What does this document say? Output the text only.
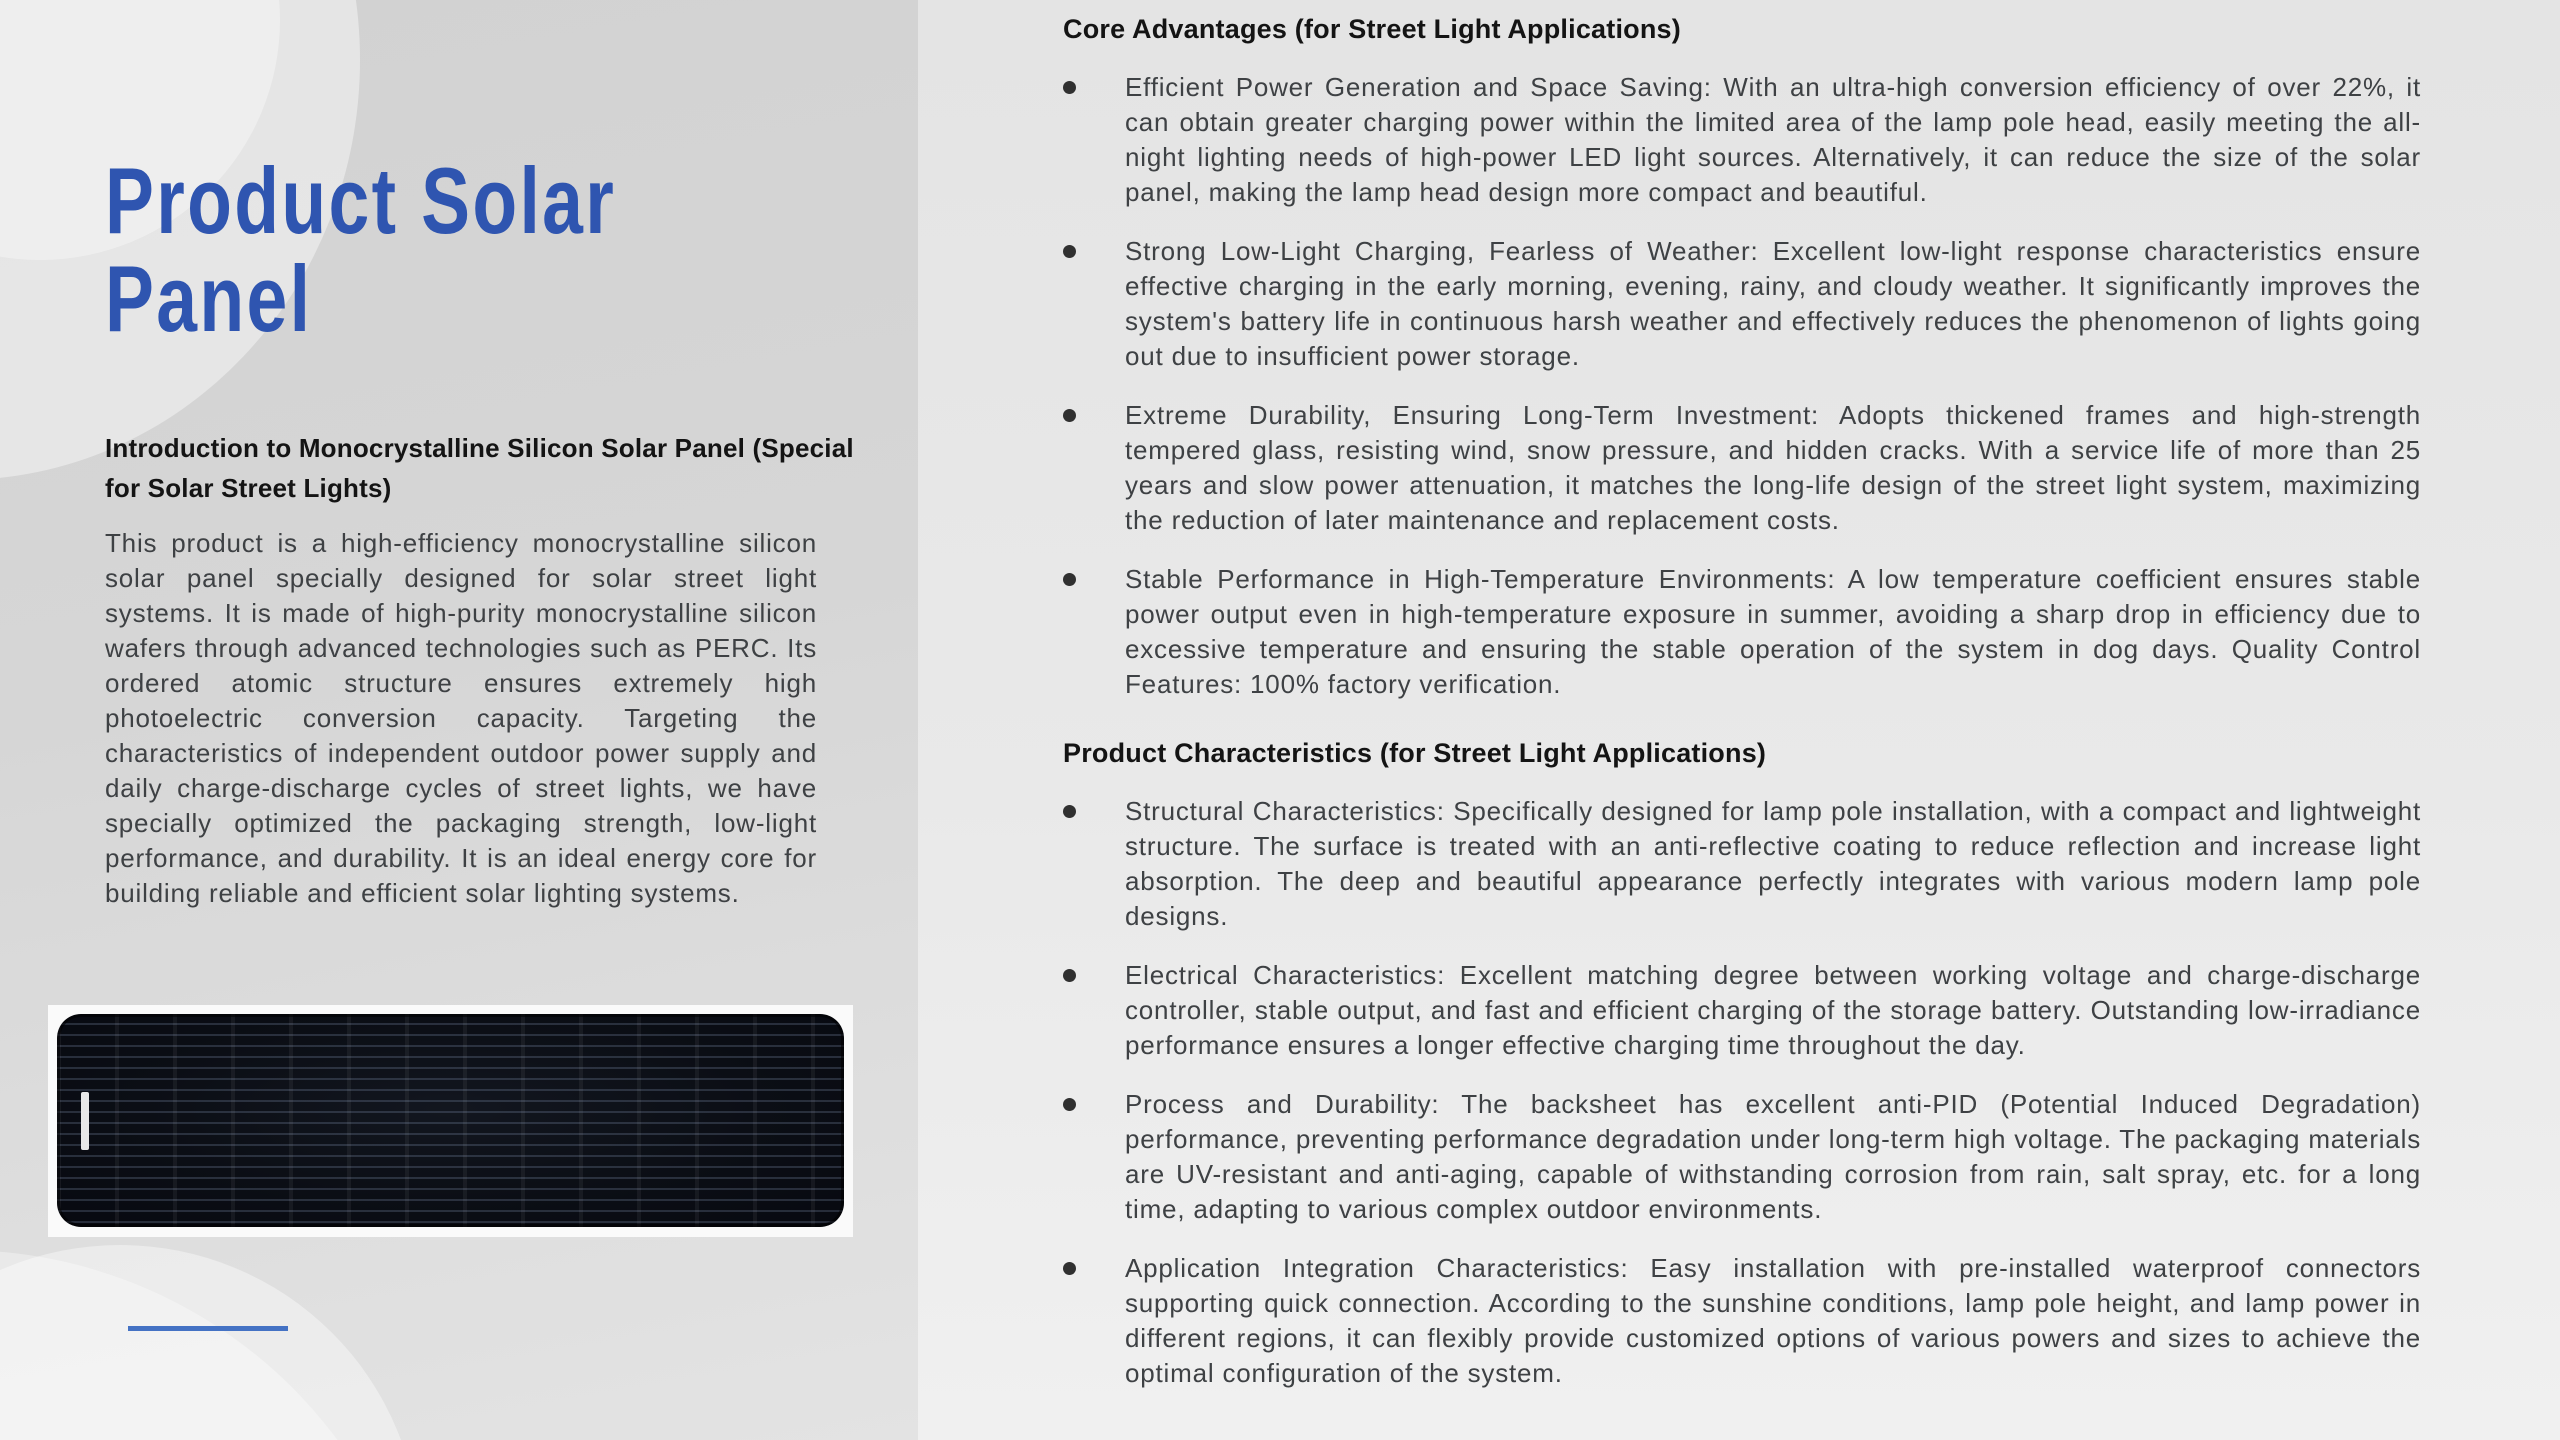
Product Solar Panel
Introduction to Monocrystalline Silicon Solar Panel (Special for Solar Street Lights)

This product is a high-efficiency monocrystalline silicon solar panel specially designed for solar street light systems. It is made of high-purity monocrystalline silicon wafers through advanced technologies such as PERC. Its ordered atomic structure ensures extremely high photoelectric conversion capacity. Targeting the characteristics of independent outdoor power supply and daily charge-discharge cycles of street lights, we have specially optimized the packaging strength, low-light performance, and durability. It is an ideal energy core for building reliable and efficient solar lighting systems.

Core Advantages (for Street Light Applications)
Efficient Power Generation and Space Saving: With an ultra-high conversion efficiency of over 22%, it can obtain greater charging power within the limited area of the lamp pole head, easily meeting the all-night lighting needs of high-power LED light sources. Alternatively, it can reduce the size of the solar panel, making the lamp head design more compact and beautiful.
Strong Low-Light Charging, Fearless of Weather: Excellent low-light response characteristics ensure effective charging in the early morning, evening, rainy, and cloudy weather. It significantly improves the system's battery life in continuous harsh weather and effectively reduces the phenomenon of lights going out due to insufficient power storage.
Extreme Durability, Ensuring Long-Term Investment: Adopts thickened frames and high-strength tempered glass, resisting wind, snow pressure, and hidden cracks. With a service life of more than 25 years and slow power attenuation, it matches the long-life design of the street light system, maximizing the reduction of later maintenance and replacement costs.
Stable Performance in High-Temperature Environments: A low temperature coefficient ensures stable power output even in high-temperature exposure in summer, avoiding a sharp drop in efficiency due to excessive temperature and ensuring the stable operation of the system in dog days. Quality Control Features: 100% factory verification.
Product Characteristics (for Street Light Applications)
Structural Characteristics: Specifically designed for lamp pole installation, with a compact and lightweight structure. The surface is treated with an anti-reflective coating to reduce reflection and increase light absorption. The deep and beautiful appearance perfectly integrates with various modern lamp pole designs.
Electrical Characteristics: Excellent matching degree between working voltage and charge-discharge controller, stable output, and fast and efficient charging of the storage battery. Outstanding low-irradiance performance ensures a longer effective charging time throughout the day.
Process and Durability: The backsheet has excellent anti-PID (Potential Induced Degradation) performance, preventing performance degradation under long-term high voltage. The packaging materials are UV-resistant and anti-aging, capable of withstanding corrosion from rain, salt spray, etc. for a long time, adapting to various complex outdoor environments.
Application Integration Characteristics: Easy installation with pre-installed waterproof connectors supporting quick connection. According to the sunshine conditions, lamp pole height, and lamp power in different regions, it can flexibly provide customized options of various powers and sizes to achieve the optimal configuration of the system.
